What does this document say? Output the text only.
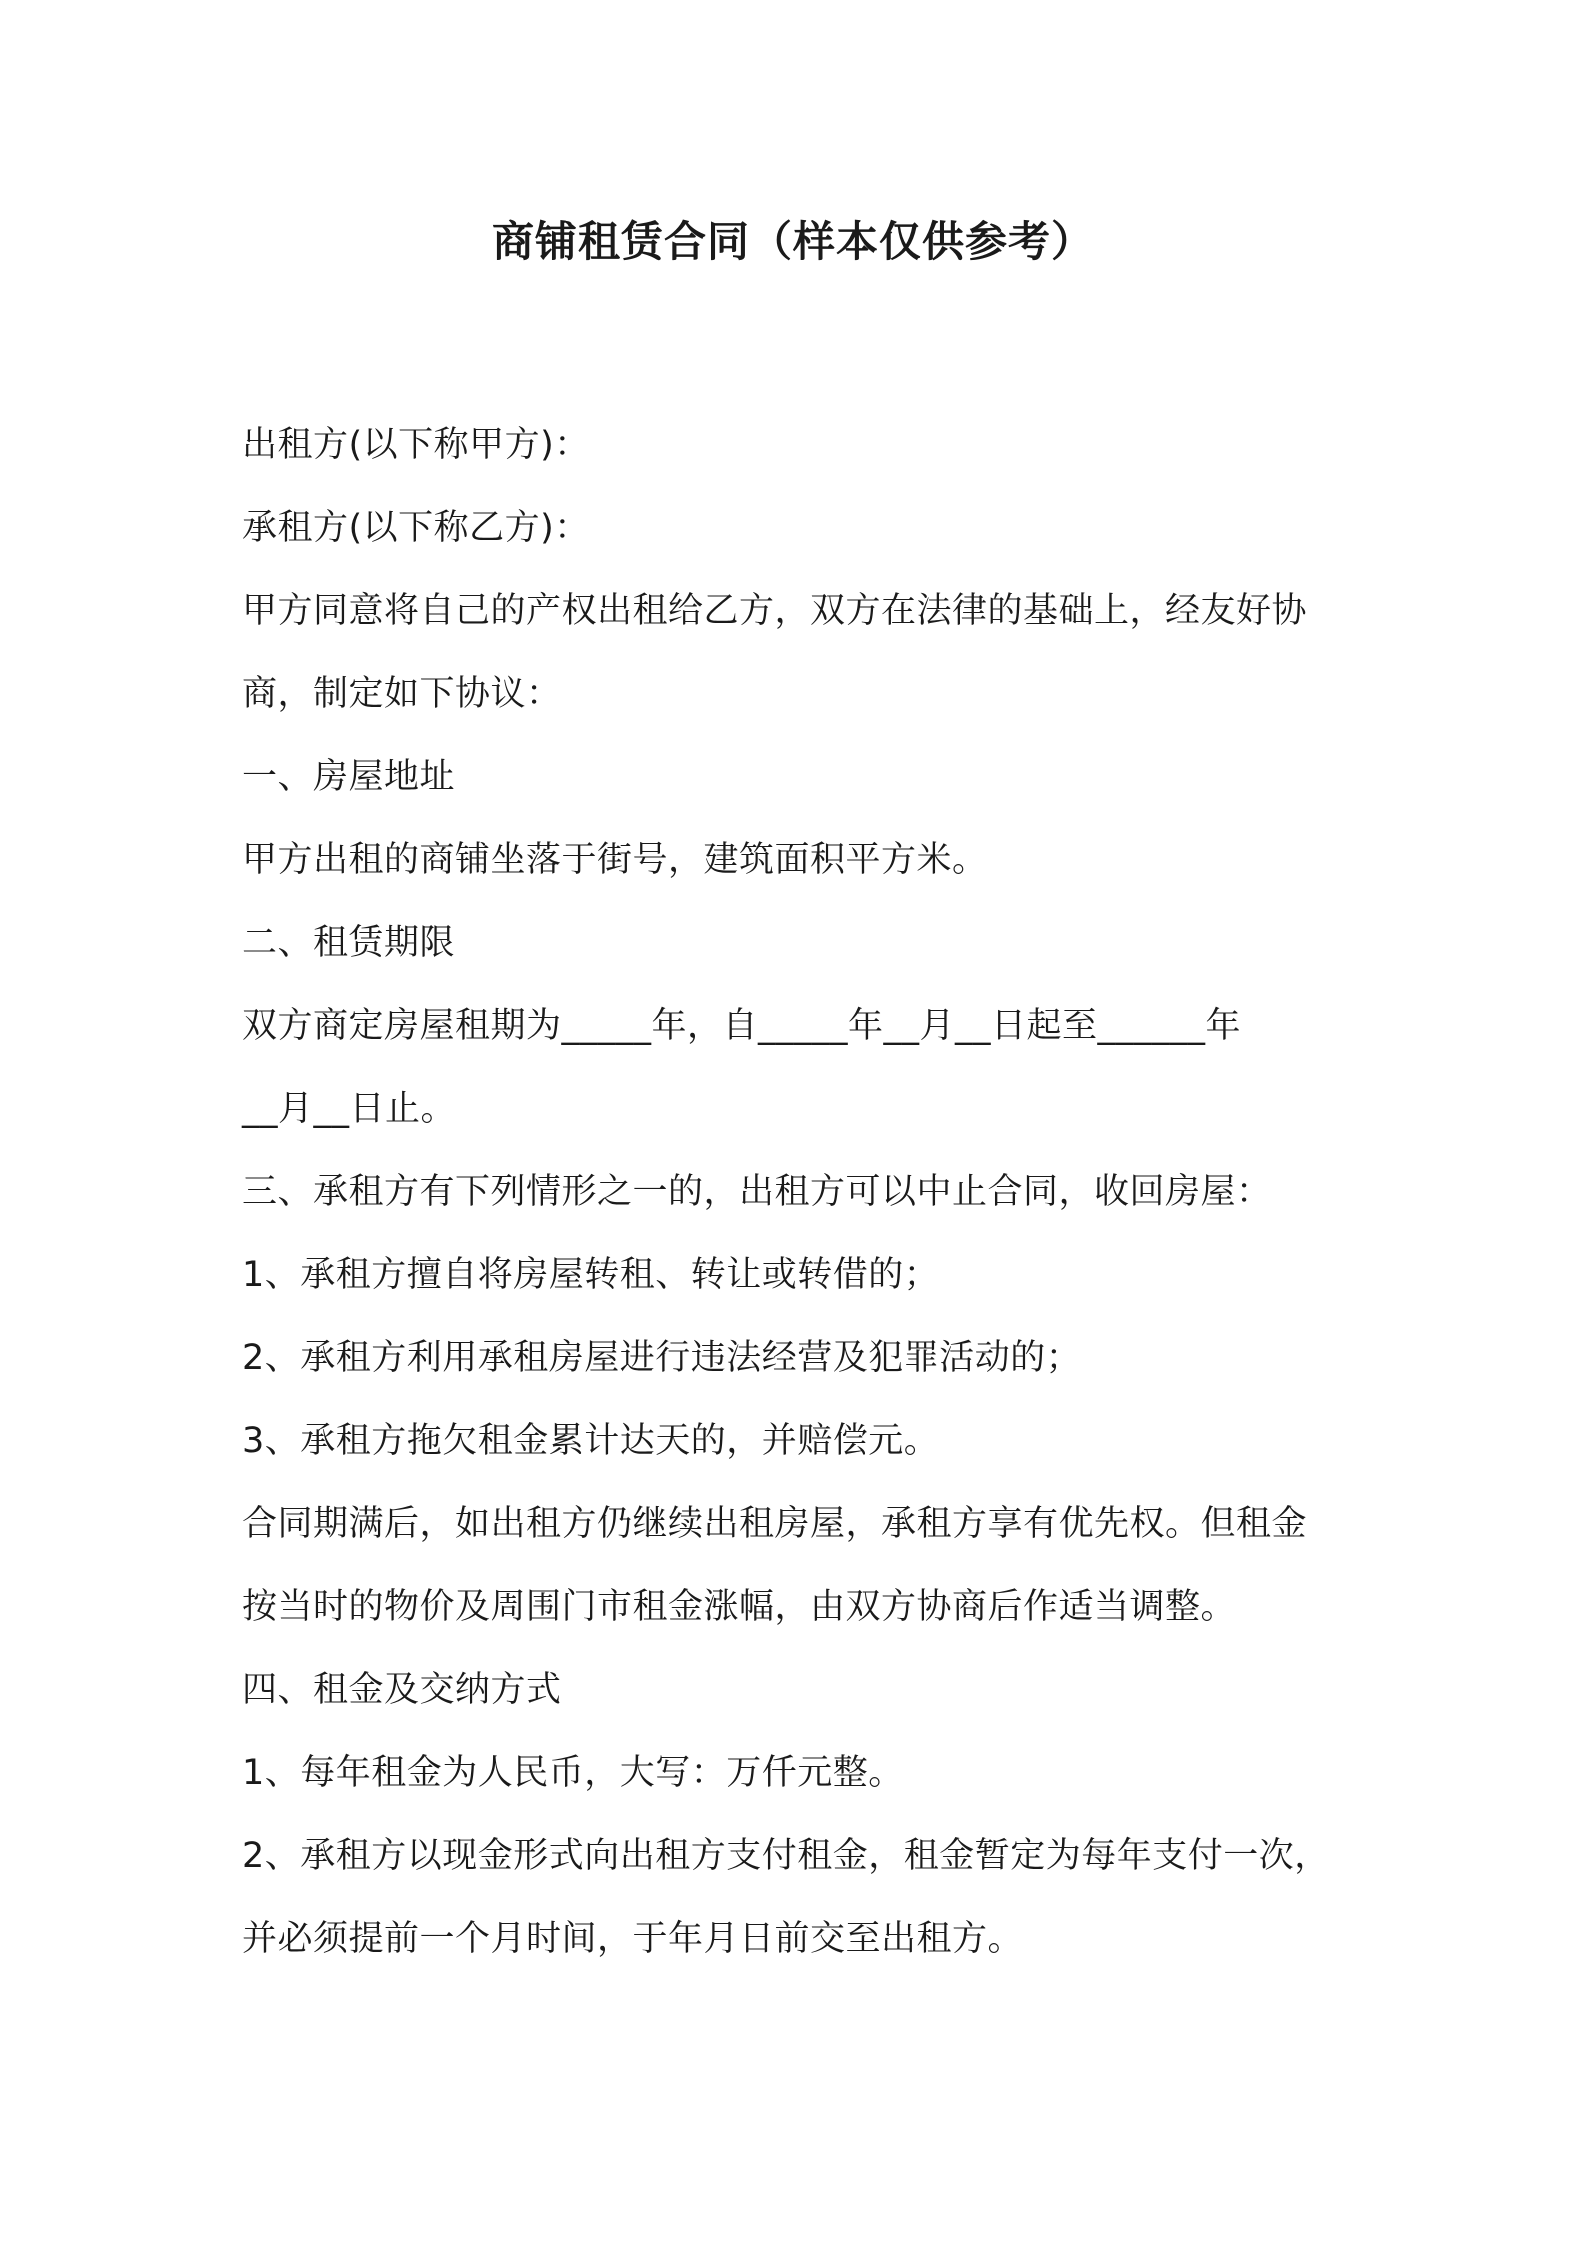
商铺租赁合同（样本仅供参考）

出租方(以下称甲方)：

承租方(以下称乙方)：

甲方同意将自己的产权出租给乙方，双方在法律的基础上，经友好协

商，制定如下协议：

一、房屋地址

甲方出租的商铺坐落于街号，建筑面积平方米。

二、租赁期限

双方商定房屋租期为_____年，自_____年__月__日起至______年

__月__日止。

三、承租方有下列情形之一的，出租方可以中止合同，收回房屋：

1、承租方擅自将房屋转租、转让或转借的；

2、承租方利用承租房屋进行违法经营及犯罪活动的；

3、承租方拖欠租金累计达天的，并赔偿元。

合同期满后，如出租方仍继续出租房屋，承租方享有优先权。但租金

按当时的物价及周围门市租金涨幅，由双方协商后作适当调整。

四、租金及交纳方式

1、每年租金为人民币，大写：万仟元整。

2、承租方以现金形式向出租方支付租金，租金暂定为每年支付一次，

并必须提前一个月时间，于年月日前交至出租方。
